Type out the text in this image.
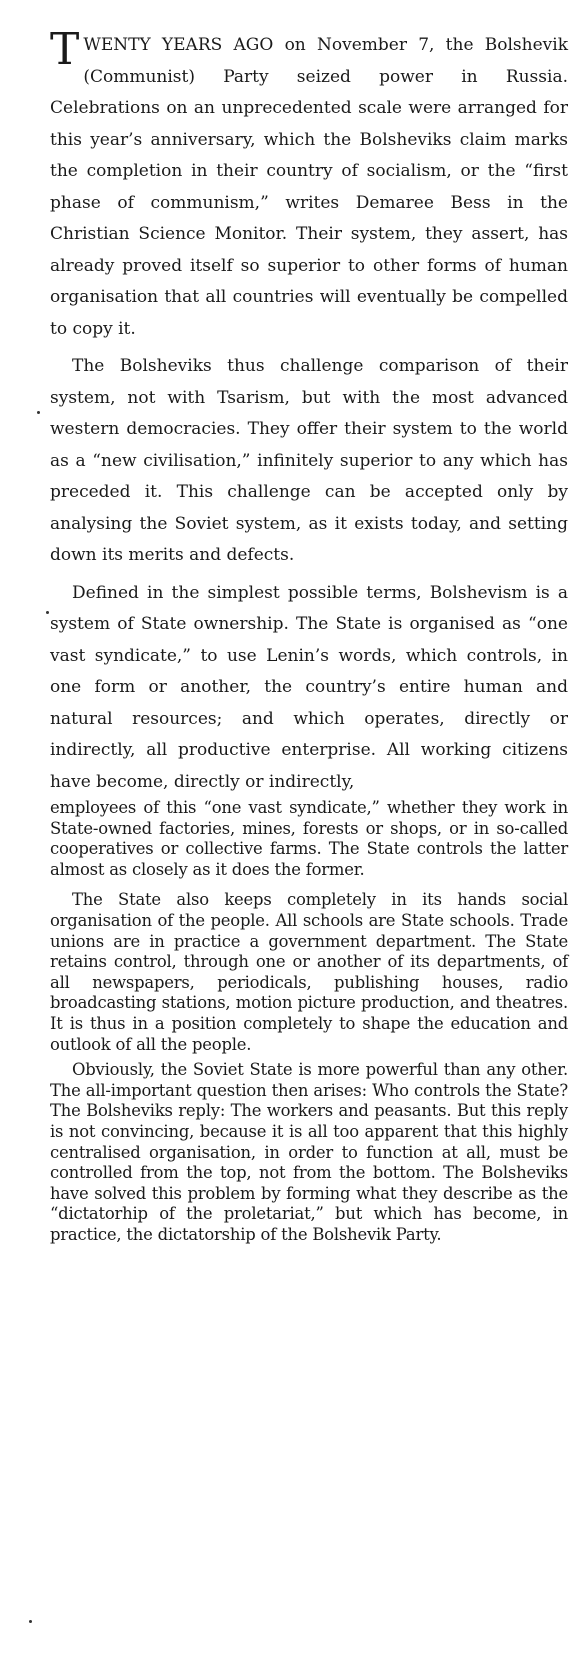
TWENTY YEARS AGO on November 7, the Bolshevik (Communist) Party seized power in Russia. Celebrations on an unprecedented scale were arranged for this year’s anniversary, which the Bolsheviks claim marks the completion in their country of socialism, or the “first phase of communism,” writes Demaree Bess in the Christian Science Monitor. Their system, they assert, has already proved itself so superior to other forms of human organisation that all countries will eventually be compelled to copy it.

The Bolsheviks thus challenge comparison of their system, not with Tsarism, but with the most advanced western democracies. They offer their system to the world as a “new civilisation,” infinitely superior to any which has preceded it. This challenge can be accepted only by analysing the Soviet system, as it exists today, and setting down its merits and defects.

Defined in the simplest possible terms, Bolshevism is a system of State ownership. The State is organised as “one vast syndicate,” to use Lenin’s words, which controls, in one form or another, the country’s entire human and natural resources; and which operates, directly or indirectly, all productive enterprise. All working citizens have become, directly or indirectly,

employees of this “one vast syndicate,” whether they work in State-owned factories, mines, forests or shops, or in so-called cooperatives or collective farms. The State controls the latter almost as closely as it does the former.

The State also keeps completely in its hands social organisation of the people. All schools are State schools. Trade unions are in practice a government department. The State retains control, through one or another of its departments, of all newspapers, periodicals, publishing houses, radio broadcasting stations, motion picture production, and theatres. It is thus in a position completely to shape the education and outlook of all the people.

Obviously, the Soviet State is more powerful than any other. The all-important question then arises: Who controls the State? The Bolsheviks reply: The workers and peasants. But this reply is not convincing, because it is all too apparent that this highly centralised organisation, in order to function at all, must be controlled from the top, not from the bottom. The Bolsheviks have solved this problem by forming what they describe as the “dictatorhip of the proletariat,” but which has become, in practice, the dictatorship of the Bolshevik Party.
